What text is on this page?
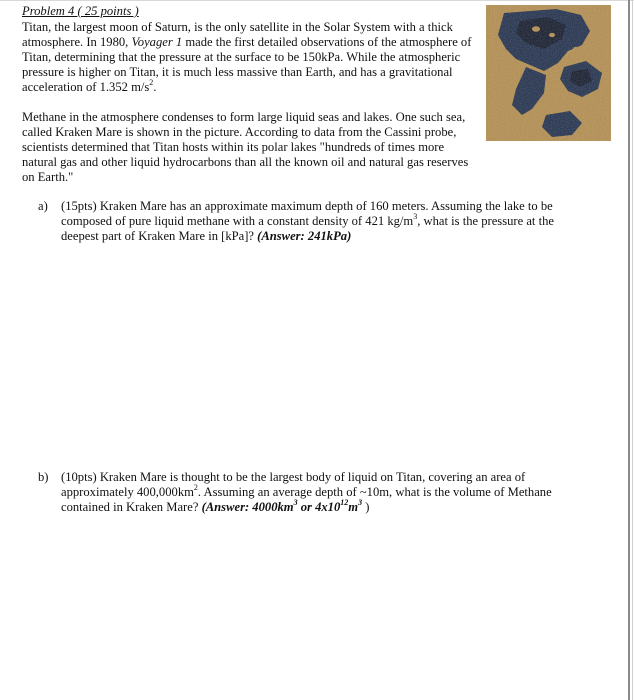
Problem 4 ( 25 points )
Titan, the largest moon of Saturn, is the only satellite in the Solar System with a thick
atmosphere. In 1980, Voyager 1 made the first detailed observations of the atmosphere of
Titan, determining that the pressure at the surface to be 150kPa. While the atmospheric
pressure is higher on Titan, it is much less massive than Earth, and has a gravitational
acceleration of 1.352 $m/s^2$.
Methane in the atmosphere condenses to form large liquid seas and lakes. One such sea,
called Kraken Mare is shown in the picture. According to data from the Cassini probe,
scientists determined that Titan hosts within its polar lakes "hundreds of times more
natural gas and other liquid hydrocarbons than all the known oil and natural gas reserves
on Earth."
a) (15pts) Kraken Mare has an approximate maximum depth of 160 meters. Assuming the lake to be
composed of pure liquid methane with a constant density of 421 $kg/m^3$, what is the pressure at the
deepest part of Kraken Mare in [kPa]? (Answer: 241kPa)
b) (10pts) Kraken Mare is thought to be the largest body of liquid on Titan, covering an area of
approximately $400,000km^2$. Assuming an average depth of ~10m, what is the volume of Methane
contained in Kraken Mare? (Answer: $4000km^3$ or $4x10^{12}m^3$ )
